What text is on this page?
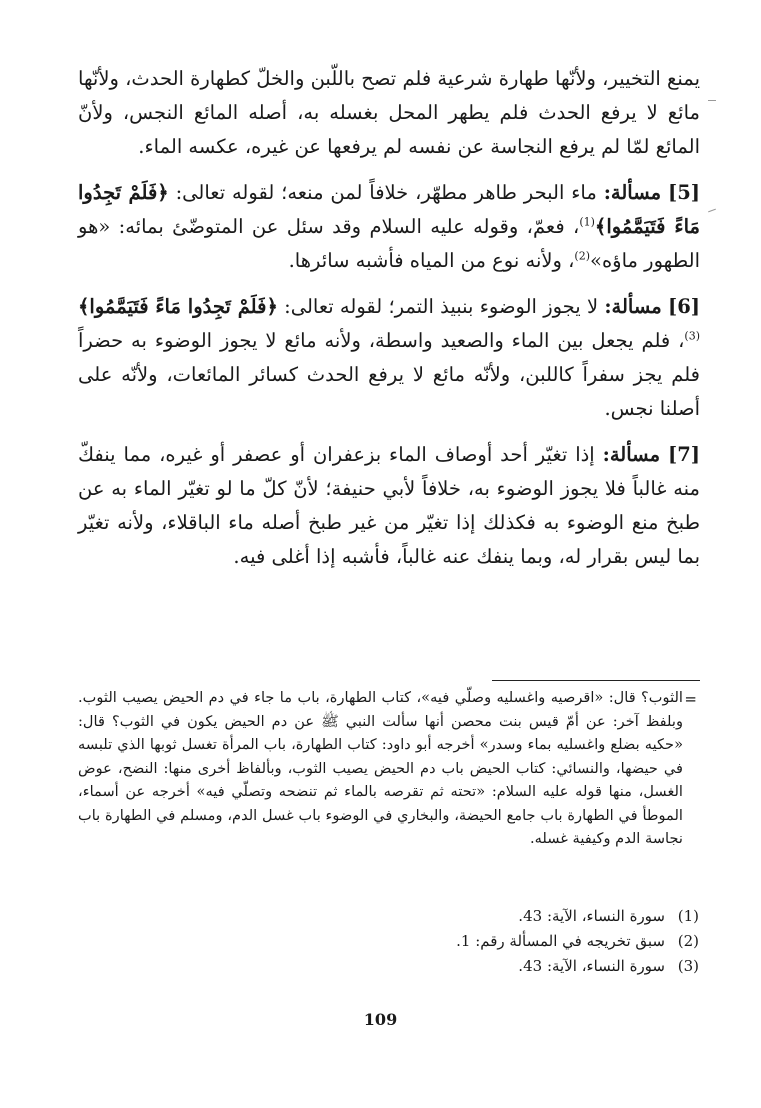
يمنع التخيير، ولأنّها طهارة شرعية فلم تصح باللّبن والخلّ كطهارة الحدث، ولأنّها مائع لا يرفع الحدث فلم يطهر المحل بغسله به، أصله المائع النجس، ولأنّ المائع لمّا لم يرفع النجاسة عن نفسه لم يرفعها عن غيره، عكسه الماء.

[5] مسألة: ماء البحر طاهر مطهّر، خلافاً لمن منعه؛ لقوله تعالى: ﴿فَلَمْ تَجِدُوا مَاءً فَتَيَمَّمُوا﴾$^{(1)}$، فعمّ، وقوله عليه السلام وقد سئل عن المتوضّئ بمائه: «هو الطهور ماؤه»$^{(2)}$، ولأنه نوع من المياه فأشبه سائرها.

[6] مسألة: لا يجوز الوضوء بنبيذ التمر؛ لقوله تعالى: ﴿فَلَمْ تَجِدُوا مَاءً فَتَيَمَّمُوا﴾$^{(3)}$، فلم يجعل بين الماء والصعيد واسطة، ولأنه مائع لا يجوز الوضوء به حضراً فلم يجز سفراً كاللبن، ولأنّه مائع لا يرفع الحدث كسائر المائعات، ولأنّه على أصلنا نجس.

[7] مسألة: إذا تغيّر أحد أوصاف الماء بزعفران أو عصفر أو غيره، مما ينفكّ منه غالباً فلا يجوز الوضوء به، خلافاً لأبي حنيفة؛ لأنّ كلّ ما لو تغيّر الماء به عن طبخ منع الوضوء به فكذلك إذا تغيّر من غير طبخ أصله ماء الباقلاء، ولأنه تغيّر بما ليس بقرار له، وبما ينفك عنه غالباً، فأشبه إذا أغلى فيه.

=
الثوب؟ قال: «اقرصيه واغسليه وصلّي فيه»، كتاب الطهارة، باب ما جاء في دم الحيض يصيب الثوب. وبلفظ آخر: عن أمّ قيس بنت محصن أنها سألت النبي ﷺ عن دم الحيض يكون في الثوب؟ قال: «حكيه بضلع واغسليه بماء وسدر» أخرجه أبو داود: كتاب الطهارة، باب المرأة تغسل ثوبها الذي تلبسه في حيضها، والنسائي: كتاب الحيض باب دم الحيض يصيب الثوب، وبألفاظ أخرى منها: النضح، عوض الغسل، منها قوله عليه السلام: «تحته ثم تقرصه بالماء ثم تنضحه وتصلّي فيه» أخرجه عن أسماء، الموطأ في الطهارة باب جامع الحيضة، والبخاري في الوضوء باب غسل الدم، ومسلم في الطهارة باب نجاسة الدم وكيفية غسله.
(1)
سورة النساء، الآية: 43.
(2)
سبق تخريجه في المسألة رقم: 1.
(3)
سورة النساء، الآية: 43.
109
